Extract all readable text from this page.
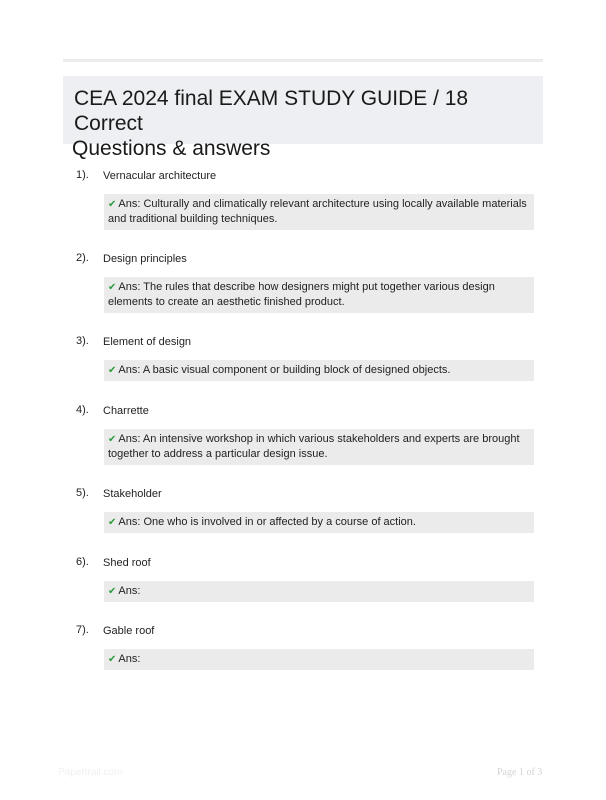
CEA 2024 final EXAM STUDY GUIDE / 18 Correct
Questions & answers
1). Vernacular architecture
✔ Ans: Culturally and climatically relevant architecture using locally available materials and traditional building techniques.
2). Design principles
✔ Ans: The rules that describe how designers might put together various design elements to create an aesthetic finished product.
3). Element of design
✔ Ans: A basic visual component or building block of designed objects.
4). Charrette
✔ Ans: An intensive workshop in which various stakeholders and experts are brought together to address a particular design issue.
5). Stakeholder
✔ Ans: One who is involved in or affected by a course of action.
6). Shed roof
✔ Ans:
7). Gable roof
✔ Ans:
Papertrail.com	Page 1 of 3
